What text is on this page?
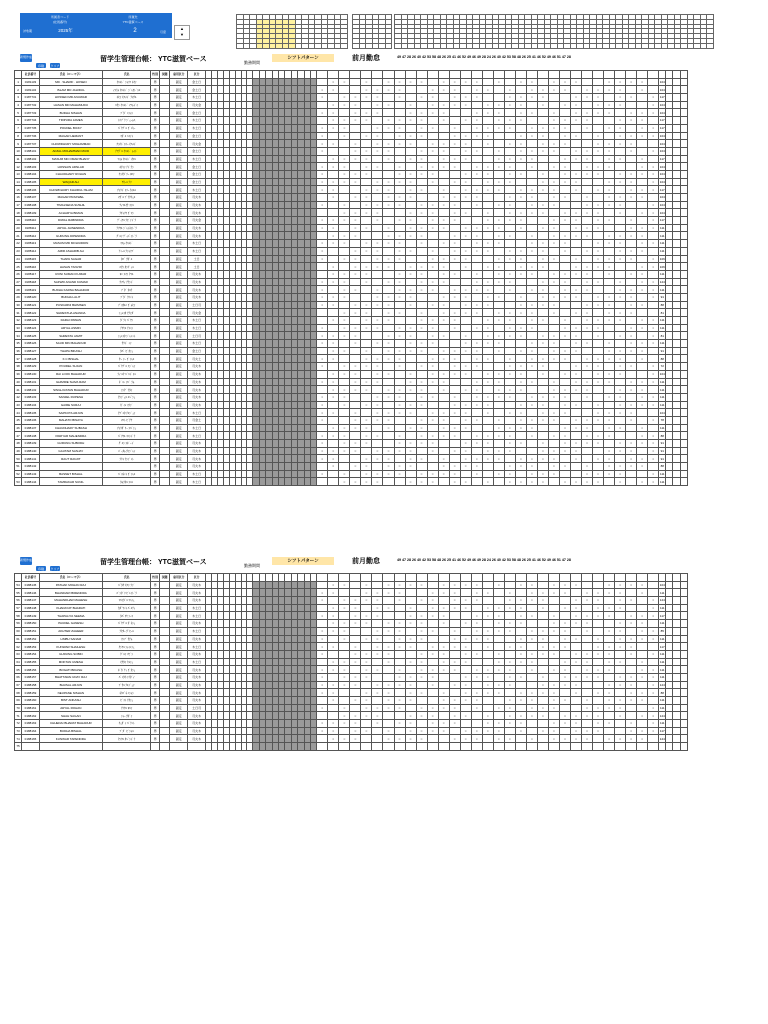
所属者コード	所属先
(社員番号)	YTC滋賀ベース
対象期	2025年	2	月度
▲
▼

新規作成
印刷	クリア
留学生管理台帳： YTC滋賀ベース	勤務期間
シフトパターン	前月勤怠	49 47 28 26 40 42 53 58 48 26 25 41 46 52 49 46 49 28 24 26 40 42 53 58 48 26 25 41 46 52 49 46 51 47 28
	社員番号	氏名（ローマ字）	氏名	性別	国籍	雇用区分	区分																																																					
1	0181133	MD . SHARIF . HOSEN	ﾓﾊﾒﾄﾞ ｼｬﾘﾌ ﾎｾﾝ	男		固定	金土日																				○	○		○		○	○	○	○		○	○	○	○		○		○	○		○	○	○			○	○	○	○		104			
2	0181134	ISLAM MD JAHIDUL	ｲｽﾗﾑ ﾓﾊﾒﾄﾞ ｼﾞｬﾋﾄﾞｩﾙ	男		固定	金土日																			○	○			○	○	○	○			○	○	○		○	○		○		○	○	○	○		○	○	○	○		○		104			
3	0187731	HOSSEN MD ANUWAR	ﾎｾﾝ ﾓﾊﾒﾄﾞ ｱﾇｱﾙ	男		固定	木土日																			○		○	○	○	○		○		○	○		○	○	○			○	○	○	○			○	○	○		○	○		○	117			
4	0187732	HASAN MD MAHAMUDU	ﾊｻﾝ ﾓﾊﾒﾄﾞ ﾏﾌﾑﾄﾞｩ	男		固定	月火金																				○	○	○		○	○		○		○	○	○	○		○	○	○	○		○		○	○		○	○	○			○	104			
5	0187733	BUDHA NISHAN	ﾌﾞﾀﾞ ﾆｼｬﾝ	男		固定	金土日																			○	○		○	○	○			○	○	○	○			○	○	○		○	○		○		○	○	○	○		○	○	○	104			
6	0187734	TRIPURA JAMES	ﾄﾘﾌﾟﾗ ｼﾞｪｰﾑｽ	男		固定	木土日																				○	○	○	○		○	○	○	○		○		○	○		○	○	○			○	○	○	○			○	○	○		117			
7	0187735	POUDEL BICKY	ﾊﾟｳﾃﾞﾙ ﾋﾞｯｷｰ	男		固定	木土日																			○	○	○			○	○	○		○	○		○		○	○	○	○		○	○	○	○		○		○	○		○	○	117			
8	0187736	MAGAR HEMANT	ﾏｶﾞﾙ ﾍﾏﾝﾄ	男		固定	金土日																			○		○		○	○		○	○	○			○	○	○	○			○	○	○		○	○		○		○	○	○	○	104			
9	0187737	CHOWDHURY MOHAMMAD	ﾁｮｳﾄﾞｩﾘｰ ﾓﾊﾒﾄﾞ	男		固定	月火金																			○	○		○		○	○	○	○		○	○	○	○		○		○	○		○	○	○			○	○	○	○			104			
10	0188101	AFZAL MOHAMMAD MUID	ｱﾌｻﾞﾙ ﾓﾊﾒﾄﾞ ﾑｲﾄﾞ	男		固定	金土日																			○			○	○	○	○			○	○	○		○	○		○		○	○	○	○		○	○	○	○		○		○	104			
11	0188102	MASUM MD OMAR BHANY	ﾏｽﾑ ﾓﾊﾒﾄﾞ ｵﾏﾙ	男		固定	木土日																				○	○	○	○		○		○	○		○	○	○			○	○	○	○			○	○	○		○	○		○		117			
12	0188103	HOSSAIN ADNLAD	ﾎｻｲﾝ ｱﾄﾞﾅﾝ	男		固定	金土日																			○	○	○		○	○		○		○	○	○	○		○	○	○	○		○		○	○		○	○	○			○	○	104			
13	0188104	CHAUDHARY ROHAN	ﾁｮｳﾀﾞﾘｰ ﾛﾊﾝ	男		固定	金土日																			○		○	○	○			○	○	○	○			○	○	○		○	○		○		○	○	○	○		○	○	○	○	104			
14	0188105	WAQAR ALI	ﾜｶｰﾙ ｱﾘ	男		固定	金土日																			○	○	○	○		○	○	○	○		○		○	○		○	○	○			○	○	○	○			○	○	○		○	104			
15	0188106	CHOWDHURY KHAIRUL ISLAM	ﾁｮｳﾄﾞｩﾘｰ ｶｲﾙﾙ	男		固定	木土日																			○	○			○	○	○		○	○		○		○	○	○	○		○	○	○	○		○		○	○		○	○	○	117			
16	0188107	MAGAR PRAKWEL	ﾏｶﾞﾙ ﾌﾟﾗｸｳｪﾙ	男		固定	月火木																				○		○	○		○	○	○			○	○	○	○			○	○	○		○	○		○		○	○	○	○		104			
17	0188108	TIMALSENA SUSHIL	ﾃｨﾏﾙｾﾅ ｽｼﾙ	男		固定	月火木																			○		○		○	○	○	○		○	○	○	○		○		○	○		○	○	○			○	○	○	○			○	104			
18	0188109	ACHARYA BIMAN	ｱﾁｬﾘﾔ ﾋﾞﾏﾝ	男		固定	月火木																					○	○	○	○			○	○	○		○	○		○		○	○	○	○		○	○	○	○		○		○	○	104			
19	0188110	DIWAL RABINDRA	ﾃﾞｨﾜﾙ ﾗﾋﾞﾝﾄﾞﾗ	男		固定	月火金																			○	○	○	○		○		○	○		○	○	○			○	○	○	○			○	○	○		○	○		○		○	117			
20	0188111	ARYAL JAINENDRA	ｱﾘﾔﾙ ｼﾞｬｲﾈﾝﾄﾞﾗ	男		固定	月火木																			○	○		○	○		○		○	○	○	○		○	○	○	○		○		○	○		○	○	○			○	○	○	111			
21	0188112	GURUNG DIPENDRA	ｸﾞﾙﾝ ﾃﾞｨﾍﾟﾝﾄﾞﾗ	男		固定	月火木																				○	○	○			○	○	○	○			○	○	○		○	○		○		○	○	○	○		○	○	○	○		111			
22	0188113	MASUM MD MOHIUDDIN	ﾏｽﾑ ﾓﾊﾒﾄﾞ	男		固定	木土日																			○	○	○		○	○	○	○		○		○	○		○	○	○			○	○	○	○			○	○	○		○	○	111			
23	0188114	AMIR ASHARIB ALI	ｱﾐｰﾙ ｱｼｬﾘﾌﾞ	男		固定	木土日																			○			○	○	○		○	○		○		○	○	○	○		○	○	○	○		○		○	○		○	○	○		111			
24	0188115	THAPA SAGAR	ﾀﾊﾟ ｻｶﾞﾙ	男		固定	土日																			○		○	○		○	○	○			○	○	○	○			○	○	○		○	○		○		○	○	○	○		○	106			
25	0188116	HASAN TANVIR	ﾊｻﾝ ﾀﾝｳﾞｨﾙ	男		固定	土日																				○		○	○	○	○		○	○	○	○		○		○	○		○	○	○			○	○	○	○			○	○	106			
26	0188117	RONI SUMAN KUMAR	ﾛﾆ ｽﾏﾝ ｸﾏﾙ	男		固定	月火木																				○	○	○	○			○	○	○		○	○		○		○	○	○	○		○	○	○	○		○		○	○		111			
27	0188118	SAFWIII ANAND KUMAR	ｻﾌｳｨ ｱﾅﾝﾄﾞ	男		固定	月火木																			○	○	○		○		○	○		○	○	○			○	○	○	○			○	○	○		○	○		○		○	○	124			
28	0188119	BUDHA KARNA BAHADUR	ﾌﾞﾀﾞ ｶﾙﾅ	男		固定	月火木																			○		○	○		○		○	○	○	○		○	○	○	○		○		○	○		○	○	○			○	○	○	○	111			
29	0188120	BUDHA LALIT	ﾌﾞﾀﾞ ﾗﾘｯﾄ	男		固定	月火木																			○	○	○			○	○	○	○			○	○	○		○	○		○		○	○	○	○		○	○	○	○		○	91			
30	0188121	PUSKARNI BHIMSEN	ﾌﾟｽｶﾙﾆ ﾋﾞﾑｾﾝ	男		固定	土日月																			○	○		○	○	○	○		○		○	○		○	○	○			○	○	○	○			○	○	○		○	○		88			
31	0188122	SHRESTHA ANANDA	ｼｭﾚｽﾀ ｱﾅﾝﾀﾞ	男		固定	月火金																					○	○	○		○	○		○		○	○	○	○		○	○	○	○		○		○	○		○	○	○			81			
32	0188123	DARAI PAWAN	ﾀﾞﾗｲ ﾊﾟﾜﾝ	男		固定	木土日																				○	○		○	○	○			○	○	○	○			○	○	○		○	○		○		○	○	○	○		○	○	111			
33	0188124	ARYAL ASMIN	ｱﾘﾔﾙ ｱｽﾐﾝ	男		固定	木土日																			○		○	○	○	○		○	○	○	○		○		○	○		○	○	○			○	○	○	○			○	○	○	111			
34	0188125	SHRESTA JAMIT	ｼｭﾚｽﾀ ｼﾞｬﾐｯﾄ	男		固定	土日月																			○	○	○	○			○	○	○		○	○		○		○	○	○	○		○	○	○	○		○		○	○		○	81			
35	0188126	SAUD MIN BAHADUR	ｻｳﾄﾞ ﾐﾝ	男		固定	木土日																			○	○		○		○	○		○	○	○			○	○	○	○			○	○	○		○	○		○		○	○	○	111			
36	0188127	THAPA BIKASH	ﾀﾊﾟ ﾋﾞｶｼｭ	男		固定	金土日																				○	○		○		○	○	○	○		○	○	○	○		○		○	○		○	○	○			○	○	○	○		91			
37	0188128	K C BISHAL	ｹｰ ｼｰ ﾋﾞｼｬﾙ	男		固定	月火土																			○	○			○	○	○	○			○	○	○		○	○		○		○	○	○	○		○	○	○	○		○		88			
38	0188129	POUDEL SUJAN	ﾊﾟｳﾃﾞﾙ ｽｼﾞｬﾝ	男		固定	月火木																			○		○	○	○	○		○		○	○		○	○	○			○	○	○	○			○	○	○		○	○		○	72			
39	0188130	RAI LOOK BAHADUR	ﾗｲ ﾙｸ ﾊﾞﾊﾄﾞｩﾙ	男		固定	月火木																				○	○	○		○	○		○		○	○	○	○		○	○	○	○		○		○	○		○	○	○			○	104			
40	0188131	GHIMIRE SHIVA RAM	ｷﾞﾐﾚ ｼﾊﾞ ﾗﾑ	男		固定	月火木																			○	○		○	○	○			○	○	○	○			○	○	○		○	○		○		○	○	○	○		○	○	○	111			
41	0188132	SINGH RATAN BAHADUR	ｼﾝｸﾞ ﾗﾀﾝ	男		固定	月火木																				○	○	○	○		○	○	○	○		○		○	○		○	○	○			○	○	○	○			○	○	○		111			
42	0188133	SANJEL RUPESH	ｻﾝｼﾞｪﾙ ﾙﾍﾟｼｭ	男		固定	月火木																			○	○	○			○	○	○		○	○		○		○	○	○	○		○	○	○	○		○		○	○		○	○	111			
43	0188134	GAIRE SURAJ	ｶﾞｲﾚ ｽﾗｼﾞ	男		固定	月火木																			○		○		○	○		○	○	○			○	○	○	○			○	○	○		○	○		○		○	○	○	○	111			
44	0188135	SAPKOTA ARJUN	ｻﾌﾟｺﾀ ｱﾙｼﾞｭﾝ	男		固定	木土日																			○	○		○		○	○	○	○		○	○	○	○		○		○	○		○	○	○			○	○	○	○			104			
45	0188136	MAHATO BINAYA	ﾏﾊﾄ ﾋﾞﾅﾔ	男		固定	月金土																			○			○	○	○	○			○	○	○		○	○		○		○	○	○	○		○	○	○	○		○		○	78			
46	0188137	CHAUDHARY SUBASH	ﾁｮｳﾀﾞﾘｰ ｽﾊﾞｼｭ	男		固定	木土日																				○	○	○	○		○		○	○		○	○	○			○	○	○	○			○	○	○		○	○		○		111			
47	0188138	PARIYAR MAHENDRA	ﾊﾟﾘﾔﾙ ﾏﾍﾝﾄﾞﾗ	男		固定	木土日																			○	○	○		○	○		○		○	○	○	○		○	○	○	○		○		○	○		○	○	○			○	○	88			
48	0188139	GURUNG SUBODH	ｸﾞﾙﾝ ｽﾎﾞｰﾄﾞ	男		固定	月火木																			○		○	○	○			○	○	○	○			○	○	○		○	○		○		○	○	○	○		○	○	○	○	91			
49	0188140	GAUTAM SANJAY	ｺﾞｰﾀﾑ ｻﾝｼﾞｬｲ	男		固定	月火木																			○	○	○	○		○	○	○	○		○		○	○		○	○	○			○	○	○	○			○	○	○		○	91			
50	0188141	RAUT RANJIT	ﾗｳﾄ ﾗﾝｼﾞｯﾄ	男		固定	月火木																			○	○			○	○	○		○	○		○		○	○	○	○		○	○	○	○		○		○	○		○	○	○	91			
51	0188142			男		固定	月火木																				○		○	○		○	○	○			○	○	○	○			○	○	○		○	○		○		○	○	○	○		88			
52	0188143	BASNET BISHAL	ﾊﾞｽﾈｯﾄ ﾋﾞｼｬﾙ	男		固定	木土日																			○		○		○	○	○	○		○	○	○	○		○		○	○		○	○	○			○	○	○	○			○	111			
53	0188144	TAMRAKAR SUNIL	ﾀﾑﾗｶﾙ ｽﾆﾙ	男		固定	木土日																					○	○	○	○			○	○	○		○	○		○		○	○	○	○		○	○	○	○		○		○	○	111			
新規作成
印刷	クリア
留学生管理台帳： YTC滋賀ベース	勤務期間
シフトパターン	前月勤怠	49 47 28 26 40 42 53 58 48 26 25 41 46 52 49 46 49 28 24 26 40 42 53 58 48 26 25 41 46 52 49 46 51 47 28
	社員番号	氏名（ローマ字）	氏名	性別	国籍	雇用区分	区分																																																					
54	0188145	PATHAK MOHAN RAJ	ﾊﾟﾀｸ ﾓﾊﾝ ﾗｼﾞ	男		固定	月火木																				○	○		○		○	○	○	○		○	○	○	○		○		○	○		○	○	○			○	○	○	○		104			
55	0188146	BHANDARI BIRENDRA	ﾊﾞﾝﾀﾞﾘ ﾋﾞﾚﾝﾄﾞﾗ	男		固定	月火木																			○	○			○	○	○	○			○	○	○		○	○		○		○	○	○	○		○	○	○	○		○		111			
56	0188147	MAHANDHAR MAHESH	ﾏﾊﾝﾀﾞﾙ ﾏﾍｼｭ	男		固定	月火木																			○		○	○	○	○		○		○	○		○	○	○			○	○	○	○			○	○	○		○	○		○	124			
57	0188148	KHADAYAT BHARATI	ｶﾀﾞﾔｯﾄ ﾊﾞﾙﾃｨ	男		固定	木土日																				○	○	○		○	○		○		○	○	○	○		○	○	○	○		○		○	○		○	○	○			○	111			
58	0188149	THAPALIYA SEEMA	ﾀﾊﾟﾘﾔ ｼｰﾏ	男		固定	木土日																			○	○		○	○	○			○	○	○	○			○	○	○		○	○		○		○	○	○	○		○	○	○	117			
59	0188150	PAUDEL GANESH	ﾊﾟｳﾃﾞﾙ ｶﾞﾈｼｭ	男		固定	月火木																				○	○	○	○		○	○	○	○		○		○	○		○	○	○			○	○	○	○			○	○	○		111			
60	0188151	AKHTER ZAHEER	ｱｸﾀｰ ｻﾞﾋｰﾙ	男		固定	木土日																			○	○	○			○	○	○		○	○		○		○	○	○	○		○	○	○	○		○		○	○		○	○	85			
61	0188152	LIMBU SANAM	ﾘﾝﾌﾞ ｻﾅﾑ	男		固定	月火木																			○		○		○	○		○	○	○			○	○	○	○			○	○	○		○	○		○		○	○	○	○	111			
62	0188153	KUNWAR SHAILESH	ｸﾝﾜﾙ ｼｬｲﾚｼｭ	男		固定	木土日																			○	○		○		○	○	○	○		○	○	○	○		○		○	○		○	○	○			○	○	○	○			117			
63	0188154	GURUNG SOBIN	ｸﾞﾙﾝ ｿﾋﾞﾝ	男		固定	月火木																			○			○	○	○	○			○	○	○		○	○		○		○	○	○	○		○	○	○	○		○		○	111			
64	0188155	MOKTAN UMESH	ﾓｸﾀﾝ ｳﾒｼｭ	男		固定	木土日																				○	○	○	○		○		○	○		○	○	○			○	○	○	○			○	○	○		○	○		○		111			
65	0188156	BOGATI BIKASH	ﾎﾞｶﾞﾃｨ ﾋﾞｶｼｭ	男		固定	月火木																			○	○	○		○	○		○		○	○	○	○		○	○	○	○		○		○	○		○	○	○			○	○	111			
66	0188157	BHATTARAI UDAY RAJ	ﾊﾞｯﾀﾗｲ ｳﾀﾞｲ	男		固定	月火木																			○		○	○	○			○	○	○	○			○	○	○		○	○		○		○	○	○	○		○	○	○	○	111			
67	0188158	BHUSAL ARJUN	ﾌﾞｻﾙ ｱﾙｼﾞｭﾝ	男		固定	月火木																			○	○	○	○		○	○	○	○		○		○	○		○	○	○			○	○	○	○			○	○	○		○	124			
68	0188159	NEUPANE NISHAN	ﾈｳﾊﾟﾈ ﾆｼｬﾝ	男		固定	月火木																			○	○			○	○	○		○	○		○		○	○	○	○		○	○	○	○		○		○	○		○	○	○	88			
69	0188160	BIST ANKASH	ﾋﾞｽﾄ ｱｶｼｭ	男		固定	月火木																				○		○	○		○	○	○			○	○	○	○			○	○	○		○	○		○		○	○	○	○		111			
70	0188161	ARYAL ROHAN	ｱﾘﾔﾙ ﾛﾊﾝ	男		固定	土日月																			○		○		○	○	○	○		○	○	○	○		○		○	○		○	○	○			○	○	○	○			○	111			
71	0188162	SHAH SAGAN	ｼｬｰ ｻｶﾞﾝ	男		固定	月火木																					○	○	○	○			○	○	○		○	○		○		○	○	○	○		○	○	○	○		○		○	○	124			
72	0188163	CHHEDAI BHARAT BAHADUR	ﾁｪﾀﾞｲ ﾊﾞﾗｯﾄ	男		固定	月火木																			○	○	○	○		○		○	○		○	○	○			○	○	○	○			○	○	○		○	○		○		○	111			
73	0188164	BUDHA BISHAL	ﾌﾞﾀﾞ ﾋﾞｼｬﾙ	男		固定	月火木																			○	○		○	○		○		○	○	○	○		○	○	○	○		○		○	○		○	○	○			○	○	○	117			
74	0188165	KUNWAR TAPENDRA	ｸﾝﾜﾙ ﾀﾍﾟﾝﾄﾞﾗ	男		固定	月火木																				○	○	○			○	○	○	○			○	○	○		○	○		○		○	○	○	○		○	○	○	○		124			
75																																																												
